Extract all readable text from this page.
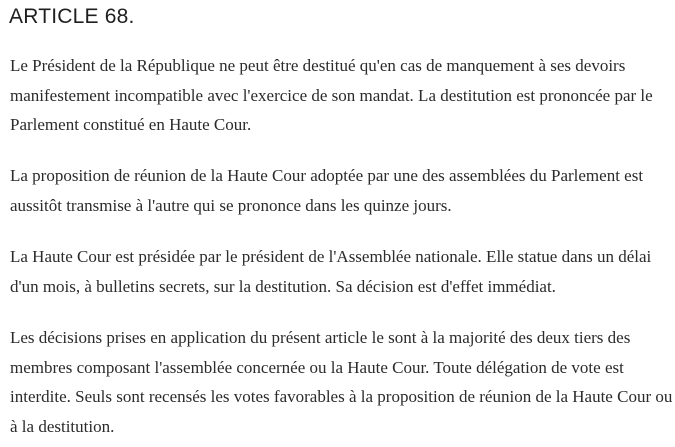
ARTICLE 68.

Le Président de la République ne peut être destitué qu'en cas de manquement à ses devoirs
manifestement incompatible avec l'exercice de son mandat. La destitution est prononcée par le
Parlement constitué en Haute Cour.

La proposition de réunion de la Haute Cour adoptée par une des assemblées du Parlement est
aussitôt transmise à l'autre qui se prononce dans les quinze jours.

La Haute Cour est présidée par le président de l'Assemblée nationale. Elle statue dans un délai
d'un mois, à bulletins secrets, sur la destitution. Sa décision est d'effet immédiat.

Les décisions prises en application du présent article le sont à la majorité des deux tiers des
membres composant l'assemblée concernée ou la Haute Cour. Toute délégation de vote est
interdite. Seuls sont recensés les votes favorables à la proposition de réunion de la Haute Cour ou
à la destitution.
